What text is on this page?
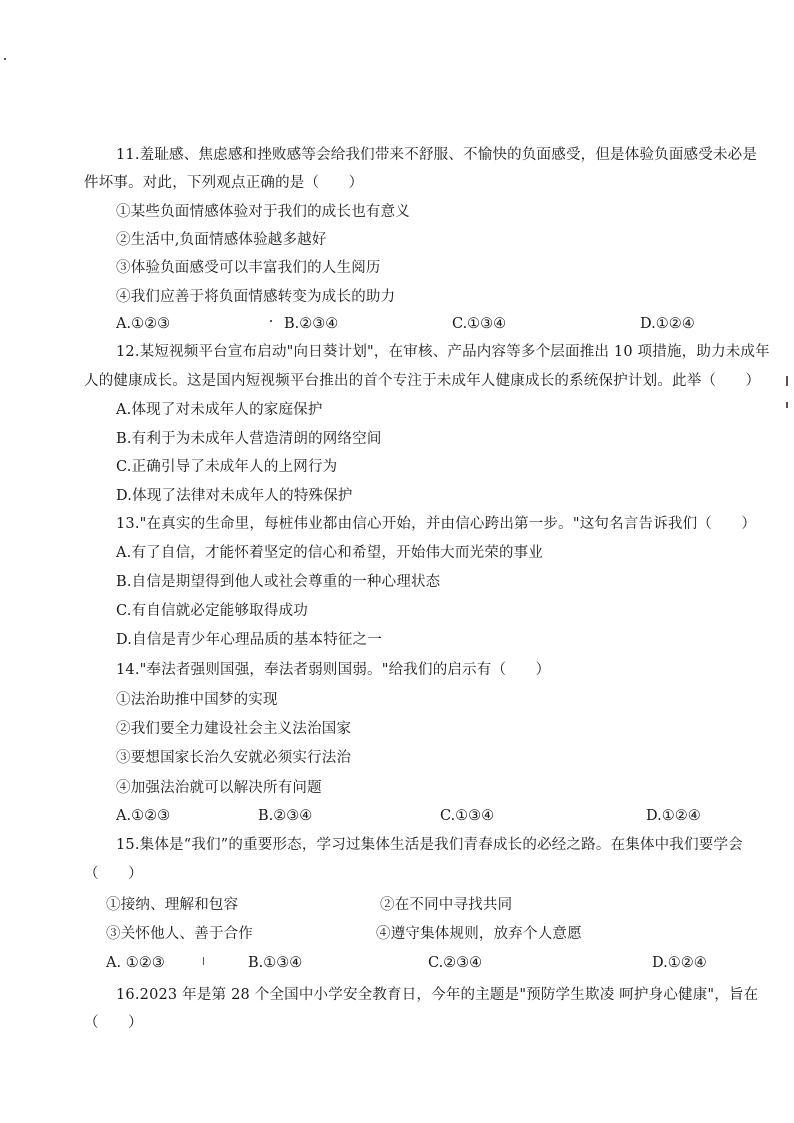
11.羞耻感、焦虑感和挫败感等会给我们带来不舒服、不愉快的负面感受，但是体验负面感受未必是
件坏事。对此，下列观点正确的是（　　）
①某些负面情感体验对于我们的成长也有意义
②生活中,负面情感体验越多越好
③体验负面感受可以丰富我们的人生阅历
④我们应善于将负面情感转变为成长的助力
A.①②③	B.②③④	C.①③④	D.①②④
12.某短视频平台宣布启动"向日葵计划"，在审核、产品内容等多个层面推出 10 项措施，助力未成年
人的健康成长。这是国内短视频平台推出的首个专注于未成年人健康成长的系统保护计划。此举（　　）
A.体现了对未成年人的家庭保护
B.有利于为未成年人营造清朗的网络空间
C.正确引导了未成年人的上网行为
D.体现了法律对未成年人的特殊保护
13."在真实的生命里，每桩伟业都由信心开始，并由信心跨出第一步。"这句名言告诉我们（　　）
A.有了自信，才能怀着坚定的信心和希望，开始伟大而光荣的事业
B.自信是期望得到他人或社会尊重的一种心理状态
C.有自信就必定能够取得成功
D.自信是青少年心理品质的基本特征之一
14."奉法者强则国强，奉法者弱则国弱。"给我们的启示有（　　）
①法治助推中国梦的实现
②我们要全力建设社会主义法治国家
③要想国家长治久安就必须实行法治
④加强法治就可以解决所有问题
A.①②③	B.②③④	C.①③④	D.①②④
15.集体是“我们”的重要形态，学习过集体生活是我们青春成长的必经之路。在集体中我们要学会
（　　）
①接纳、理解和包容	②在不同中寻找共同
③关怀他人、善于合作	④遵守集体规则，放弃个人意愿
A. ①②③	B.①③④	C.②③④	D.①②④
16.2023 年是第 28 个全国中小学安全教育日，今年的主题是"预防学生欺凌 呵护身心健康"，旨在
（　　）
